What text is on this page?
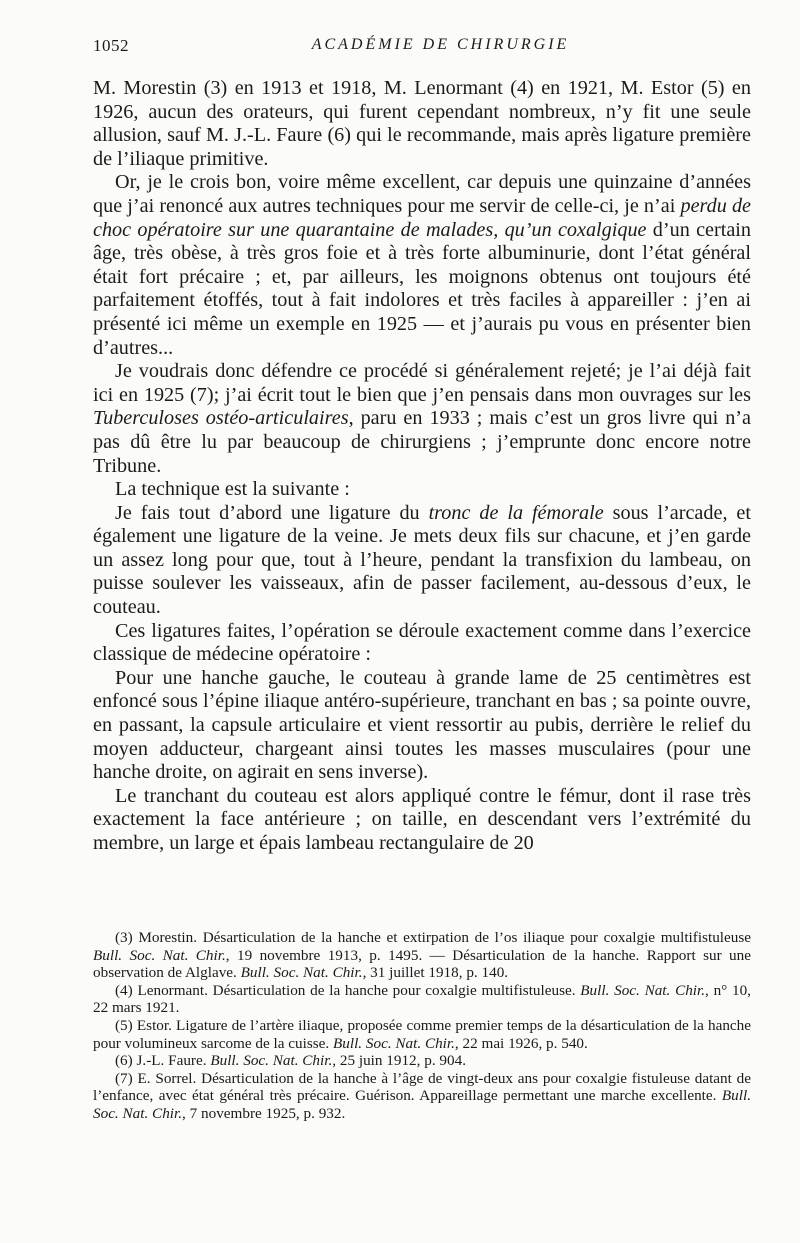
1052	ACADÉMIE DE CHIRURGIE

M. Morestin (3) en 1913 et 1918, M. Lenormant (4) en 1921, M. Estor (5) en 1926, aucun des orateurs, qui furent cependant nombreux, n’y fit une seule allusion, sauf M. J.-L. Faure (6) qui le recommande, mais après ligature première de l’iliaque primitive.

Or, je le crois bon, voire même excellent, car depuis une quinzaine d’années que j’ai renoncé aux autres techniques pour me servir de celle-ci, je n’ai perdu de choc opératoire sur une quarantaine de malades, qu’un coxalgique d’un certain âge, très obèse, à très gros foie et à très forte albuminurie, dont l’état général était fort précaire ; et, par ailleurs, les moignons obtenus ont toujours été parfaitement étoffés, tout à fait indolores et très faciles à appareiller : j’en ai présenté ici même un exemple en 1925 — et j’aurais pu vous en présenter bien d’autres...

Je voudrais donc défendre ce procédé si généralement rejeté; je l’ai déjà fait ici en 1925 (7); j’ai écrit tout le bien que j’en pensais dans mon ouvrages sur les Tuberculoses ostéo-articulaires, paru en 1933 ; mais c’est un gros livre qui n’a pas dû être lu par beaucoup de chirurgiens ; j’emprunte donc encore notre Tribune.

La technique est la suivante :

Je fais tout d’abord une ligature du tronc de la fémorale sous l’arcade, et également une ligature de la veine. Je mets deux fils sur chacune, et j’en garde un assez long pour que, tout à l’heure, pendant la transfixion du lambeau, on puisse soulever les vaisseaux, afin de passer facilement, au-dessous d’eux, le couteau.

Ces ligatures faites, l’opération se déroule exactement comme dans l’exercice classique de médecine opératoire :

Pour une hanche gauche, le couteau à grande lame de 25 centimètres est enfoncé sous l’épine iliaque antéro-supérieure, tranchant en bas ; sa pointe ouvre, en passant, la capsule articulaire et vient ressortir au pubis, derrière le relief du moyen adducteur, chargeant ainsi toutes les masses musculaires (pour une hanche droite, on agirait en sens inverse).

Le tranchant du couteau est alors appliqué contre le fémur, dont il rase très exactement la face antérieure ; on taille, en descendant vers l’extrémité du membre, un large et épais lambeau rectangulaire de 20

(3) Morestin. Désarticulation de la hanche et extirpation de l’os iliaque pour coxalgie multifistuleuse Bull. Soc. Nat. Chir., 19 novembre 1913, p. 1495. — Désarticulation de la hanche. Rapport sur une observation de Alglave. Bull. Soc. Nat. Chir., 31 juillet 1918, p. 140.

(4) Lenormant. Désarticulation de la hanche pour coxalgie multifistuleuse. Bull. Soc. Nat. Chir., n° 10, 22 mars 1921.

(5) Estor. Ligature de l’artère iliaque, proposée comme premier temps de la désarticulation de la hanche pour volumineux sarcome de la cuisse. Bull. Soc. Nat. Chir., 22 mai 1926, p. 540.

(6) J.-L. Faure. Bull. Soc. Nat. Chir., 25 juin 1912, p. 904.

(7) E. Sorrel. Désarticulation de la hanche à l’âge de vingt-deux ans pour coxalgie fistuleuse datant de l’enfance, avec état général très précaire. Guérison. Appareillage permettant une marche excellente. Bull. Soc. Nat. Chir., 7 novembre 1925, p. 932.
